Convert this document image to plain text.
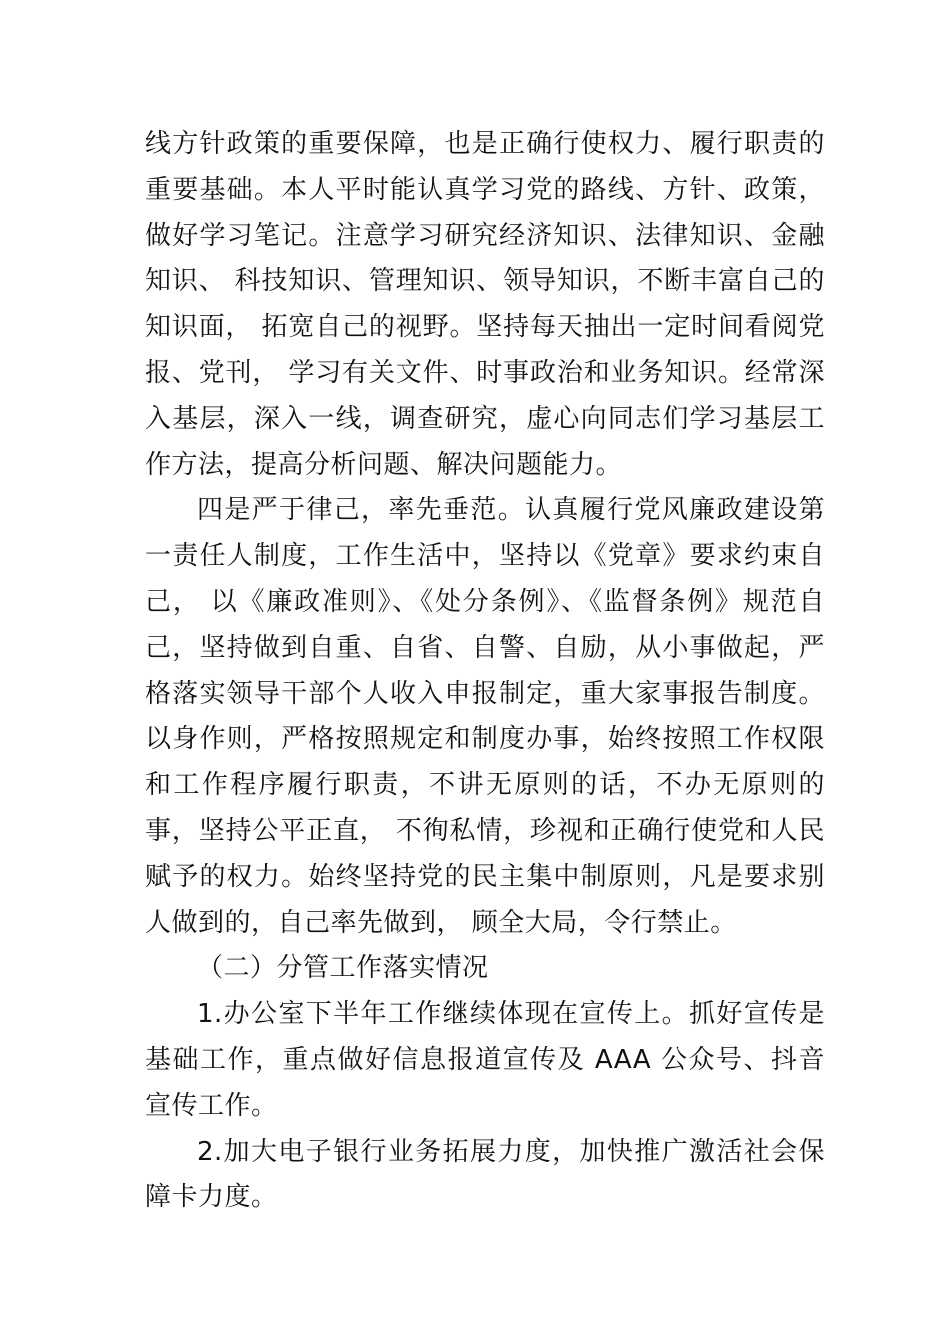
线方针政策的重要保障，也是正确行使权力、履行职责的重要基础。本人平时能认真学习党的路线、方针、政策，做好学习笔记。注意学习研究经济知识、法律知识、金融知识、 科技知识、管理知识、领导知识，不断丰富自己的知识面， 拓宽自己的视野。坚持每天抽出一定时间看阅党报、党刊， 学习有关文件、时事政治和业务知识。经常深入基层，深入一线，调查研究，虚心向同志们学习基层工作方法，提高分析问题、解决问题能力。

四是严于律己，率先垂范。认真履行党风廉政建设第一责任人制度，工作生活中，坚持以《党章》要求约束自己， 以《廉政准则》、《处分条例》、《监督条例》规范自己，坚持做到自重、自省、自警、自励，从小事做起，严格落实领导干部个人收入申报制定，重大家事报告制度。以身作则，严格按照规定和制度办事，始终按照工作权限和工作程序履行职责，不讲无原则的话，不办无原则的事，坚持公平正直， 不徇私情，珍视和正确行使党和人民赋予的权力。始终坚持党的民主集中制原则，凡是要求别人做到的，自己率先做到， 顾全大局，令行禁止。

（二）分管工作落实情况

1.办公室下半年工作继续体现在宣传上。抓好宣传是基础工作，重点做好信息报道宣传及 AAA 公众号、抖音宣传工作。

2.加大电子银行业务拓展力度，加快推广激活社会保障卡力度。
